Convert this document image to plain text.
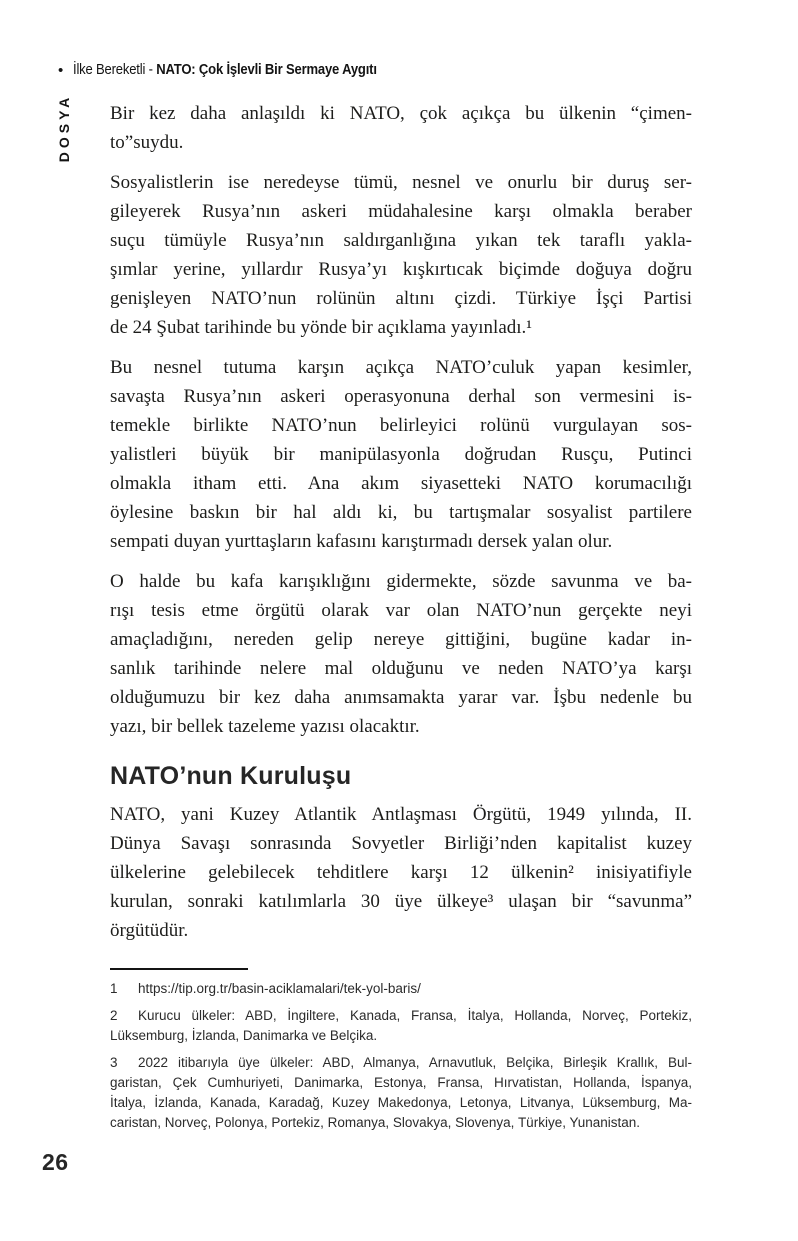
• İlke Bereketli - NATO: Çok İşlevli Bir Sermaye Aygıtı
DOSYA Bir kez daha anlaşıldı ki NATO, çok açıkça bu ülkenin “çimen-
to”suydu.
Sosyalistlerin ise neredeyse tümü, nesnel ve onurlu bir duruş ser-
gileyerek Rusya’nın askeri müdahalesine karşı olmakla beraber
suçu tümüyle Rusya’nın saldırganlığına yıkan tek taraflı yakla-
şımlar yerine, yıllardır Rusya’yı kışkırtıcak biçimde doğuya doğru
genişleyen NATO’nun rolünün altını çizdi. Türkiye İşçi Partisi
de 24 Şubat tarihinde bu yönde bir açıklama yayınladı.¹
Bu nesnel tutuma karşın açıkça NATO’culuk yapan kesimler,
savaşta Rusya’nın askeri operasyonuna derhal son vermesini is-
temekle birlikte NATO’nun belirleyici rolünü vurgulayan sos-
yalistleri büyük bir manipülasyonla doğrudan Rusçu, Putinci
olmakla itham etti. Ana akım siyasetteki NATO korumacılığı
öylesine baskın bir hal aldı ki, bu tartışmalar sosyalist partilere
sempati duyan yurttaşların kafasını karıştırmadı dersek yalan olur.
O halde bu kafa karışıklığını gidermekte, sözde savunma ve ba-
rışı tesis etme örgütü olarak var olan NATO’nun gerçekte neyi
amaçladığını, nereden gelip nereye gittiğini, bugüne kadar in-
sanlık tarihinde nelere mal olduğunu ve neden NATO’ya karşı
olduğumuzu bir kez daha anımsamakta yarar var. İşbu nedenle bu
yazı, bir bellek tazeleme yazısı olacaktır.
NATO’nun Kuruluşu
NATO, yani Kuzey Atlantik Antlaşması Örgütü, 1949 yılında, II.
Dünya Savaşı sonrasında Sovyetler Birliği’nden kapitalist kuzey
ülkelerine gelebilecek tehditlere karşı 12 ülkenin² inisiyatifiyle
kurulan, sonraki katılımlarla 30 üye ülkeye³ ulaşan bir “savunma”
örgütüdür.
1 https://tip.org.tr/basin-aciklamalari/tek-yol-baris/
2 Kurucu ülkeler: ABD, İngiltere, Kanada, Fransa, İtalya, Hollanda, Norveç, Portekiz,
Lüksemburg, İzlanda, Danimarka ve Belçika.
3 2022 itibarıyla üye ülkeler: ABD, Almanya, Arnavutluk, Belçika, Birleşik Krallık, Bul-
garistan, Çek Cumhuriyeti, Danimarka, Estonya, Fransa, Hırvatistan, Hollanda, İspanya,
İtalya, İzlanda, Kanada, Karadağ, Kuzey Makedonya, Letonya, Litvanya, Lüksemburg, Ma-
caristan, Norveç, Polonya, Portekiz, Romanya, Slovakya, Slovenya, Türkiye, Yunanistan.
26
